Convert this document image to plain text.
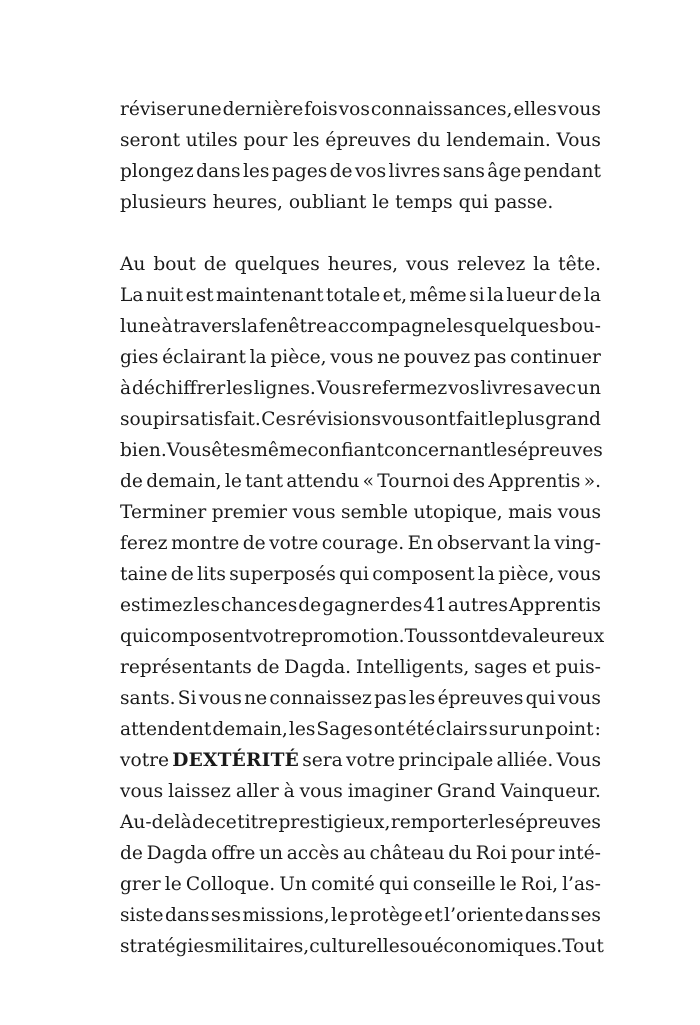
réviser une dernière fois vos connaissances, elles vous
seront utiles pour les épreuves du lendemain. Vous
plongez dans les pages de vos livres sans âge pendant
plusieurs heures, oubliant le temps qui passe.
Au bout de quelques heures, vous relevez la tête.
La nuit est maintenant totale et, même si la lueur de la
lune à travers la fenêtre accompagne les quelques bou-
gies éclairant la pièce, vous ne pouvez pas continuer
à déchiffrer les lignes. Vous refermez vos livres avec un
soupir satisfait. Ces révisions vous ont fait le plus grand
bien. Vous êtes même confiant concernant les épreuves
de demain, le tant attendu « Tournoi des Apprentis ».
Terminer premier vous semble utopique, mais vous
ferez montre de votre courage. En observant la ving-
taine de lits superposés qui composent la pièce, vous
estimez les chances de gagner des 41 autres Apprentis
qui composent votre promotion. Tous sont de valeureux
représentants de Dagda. Intelligents, sages et puis-
sants. Si vous ne connaissez pas les épreuves qui vous
attendent demain, les Sages ont été clairs sur un point :
votre DEXTÉRITÉ sera votre principale alliée. Vous
vous laissez aller à vous imaginer Grand Vainqueur.
Au-delà de ce titre prestigieux, remporter les épreuves
de Dagda offre un accès au château du Roi pour inté-
grer le Colloque. Un comité qui conseille le Roi, l’as-
siste dans ses missions, le protège et l’oriente dans ses
stratégies militaires, culturelles ou économiques. Tout
